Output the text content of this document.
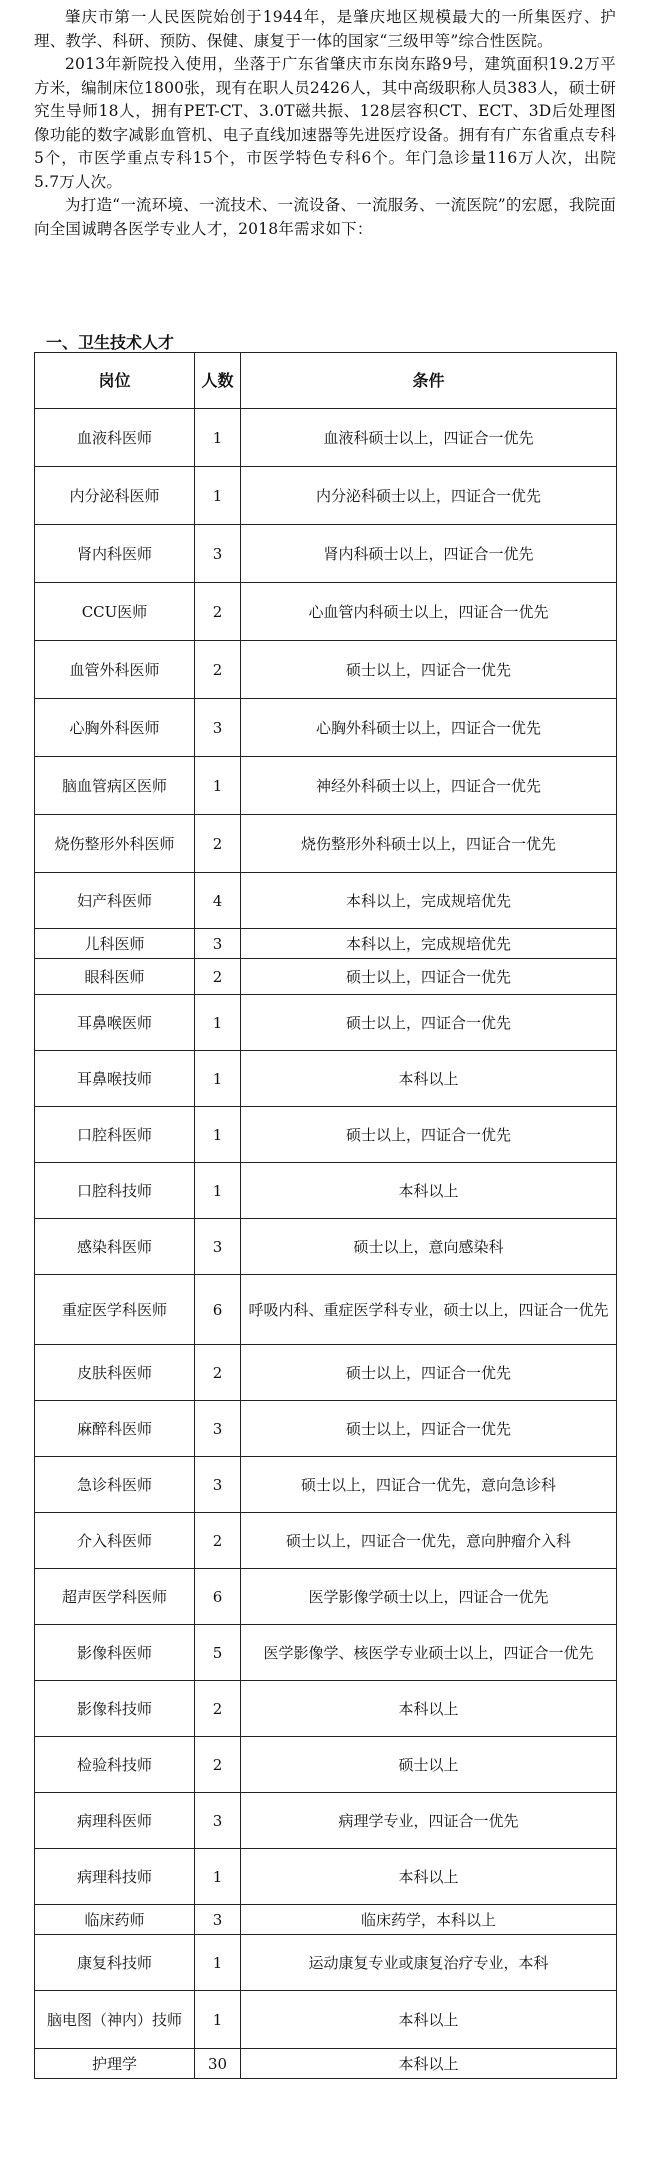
肇庆市第一人民医院始创于1944年，是肇庆地区规模最大的一所集医疗、护理、教学、科研、预防、保健、康复于一体的国家“三级甲等”综合性医院。

2013年新院投入使用，坐落于广东省肇庆市东岗东路9号，建筑面积19.2万平方米，编制床位1800张，现有在职人员2426人，其中高级职称人员383人，硕士研究生导师18人，拥有PET-CT、3.0T磁共振、128层容积CT、ECT、3D后处理图像功能的数字减影血管机、电子直线加速器等先进医疗设备。拥有有广东省重点专科5个，市医学重点专科15个，市医学特色专科6个。年门急诊量116万人次，出院5.7万人次。

为打造“一流环境、一流技术、一流设备、一流服务、一流医院”的宏愿，我院面向全国诚聘各医学专业人才，2018年需求如下：

一、卫生技术人才
岗位	人数	条件
血液科医师	1	血液科硕士以上，四证合一优先
内分泌科医师	1	内分泌科硕士以上，四证合一优先
肾内科医师	3	肾内科硕士以上，四证合一优先
CCU医师	2	心血管内科硕士以上，四证合一优先
血管外科医师	2	硕士以上，四证合一优先
心胸外科医师	3	心胸外科硕士以上，四证合一优先
脑血管病区医师	1	神经外科硕士以上，四证合一优先
烧伤整形外科医师	2	烧伤整形外科硕士以上，四证合一优先
妇产科医师	4	本科以上，完成规培优先
儿科医师	3	本科以上，完成规培优先
眼科医师	2	硕士以上，四证合一优先
耳鼻喉医师	1	硕士以上，四证合一优先
耳鼻喉技师	1	本科以上
口腔科医师	1	硕士以上，四证合一优先
口腔科技师	1	本科以上
感染科医师	3	硕士以上，意向感染科
重症医学科医师	6	呼吸内科、重症医学科专业，硕士以上，四证合一优先
皮肤科医师	2	硕士以上，四证合一优先
麻醉科医师	3	硕士以上，四证合一优先
急诊科医师	3	硕士以上，四证合一优先，意向急诊科
介入科医师	2	硕士以上，四证合一优先，意向肿瘤介入科
超声医学科医师	6	医学影像学硕士以上，四证合一优先
影像科医师	5	医学影像学、核医学专业硕士以上，四证合一优先
影像科技师	2	本科以上
检验科技师	2	硕士以上
病理科医师	3	病理学专业，四证合一优先
病理科技师	1	本科以上
临床药师	3	临床药学，本科以上
康复科技师	1	运动康复专业或康复治疗专业，本科
脑电图（神内）技师	1	本科以上
护理学	30	本科以上
